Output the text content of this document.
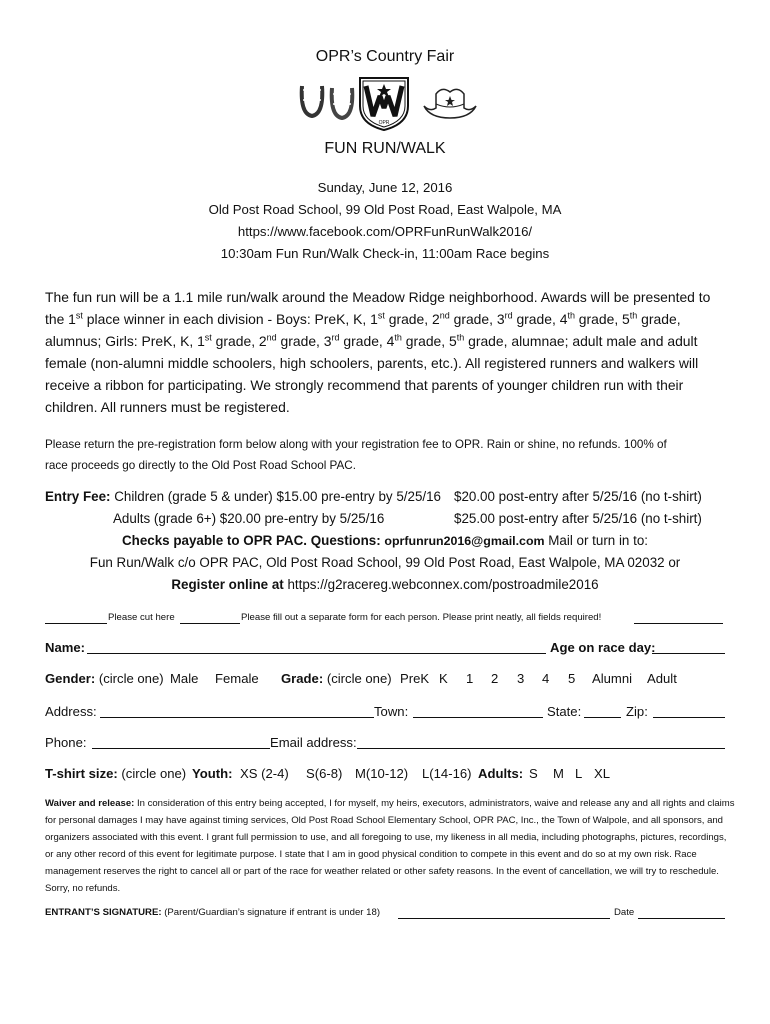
OPR’s Country Fair
OPR
FUN RUN/WALK
Sunday, June 12, 2016
Old Post Road School, 99 Old Post Road, East Walpole, MA
https://www.facebook.com/OPRFunRunWalk2016/
10:30am Fun Run/Walk Check-in, 11:00am Race begins
The fun run will be a 1.1 mile run/walk around the Meadow Ridge neighborhood. Awards will be presented to
the 1st place winner in each division - Boys: PreK, K, 1st grade, 2nd grade, 3rd grade, 4th grade, 5th grade,
alumnus; Girls: PreK, K, 1st grade, 2nd grade, 3rd grade, 4th grade, 5th grade, alumnae; adult male and adult
female (non-alumni middle schoolers, high schoolers, parents, etc.). All registered runners and walkers will
receive a ribbon for participating. We strongly recommend that parents of younger children run with their
children. All runners must be registered.
Please return the pre-registration form below along with your registration fee to OPR. Rain or shine, no refunds. 100% of
race proceeds go directly to the Old Post Road School PAC.
Entry Fee: Children (grade 5 & under) $15.00 pre-entry by 5/25/16 $20.00 post-entry after 5/25/16 (no t-shirt)
Adults (grade 6+) $20.00 pre-entry by 5/25/16	$25.00 post-entry after 5/25/16 (no t-shirt)
Checks payable to OPR PAC. Questions: oprfunrun2016@gmail.com Mail or turn in to:
Fun Run/Walk c/o OPR PAC, Old Post Road School, 99 Old Post Road, East Walpole, MA 02032 or
Register online at https://g2racereg.webconnex.com/postroadmile2016
Please cut here	Please fill out a separate form for each person. Please print neatly, all fields required!
Name:	Age on race day:
Gender: (circle one) Male Female Grade: (circle one) PreK K 1 2 3 4 5 Alumni Adult
Address:	Town:	State:	Zip:
Phone:	Email address:
T-shirt size: (circle one) Youth: XS (2-4) S(6-8) M(10-12) L(14-16) Adults: S M L XL
Waiver and release: In consideration of this entry being accepted, I for myself, my heirs, executors, administrators, waive and release any and all rights and claims for personal damages I may have against timing services, Old Post Road School Elementary School, OPR PAC, Inc., the Town of Walpole, and all sponsors, and organizers associated with this event. I grant full permission to use, and all foregoing to use, my likeness in all media, including photographs, pictures, recordings, or any other record of this event for legitimate purpose. I state that I am in good physical condition to compete in this event and do so at my own risk. Race management reserves the right to cancel all or part of the race for weather related or other safety reasons. In the event of cancellation, we will try to reschedule. Sorry, no refunds.
ENTRANT’S SIGNATURE: (Parent/Guardian’s signature if entrant is under 18)	Date
